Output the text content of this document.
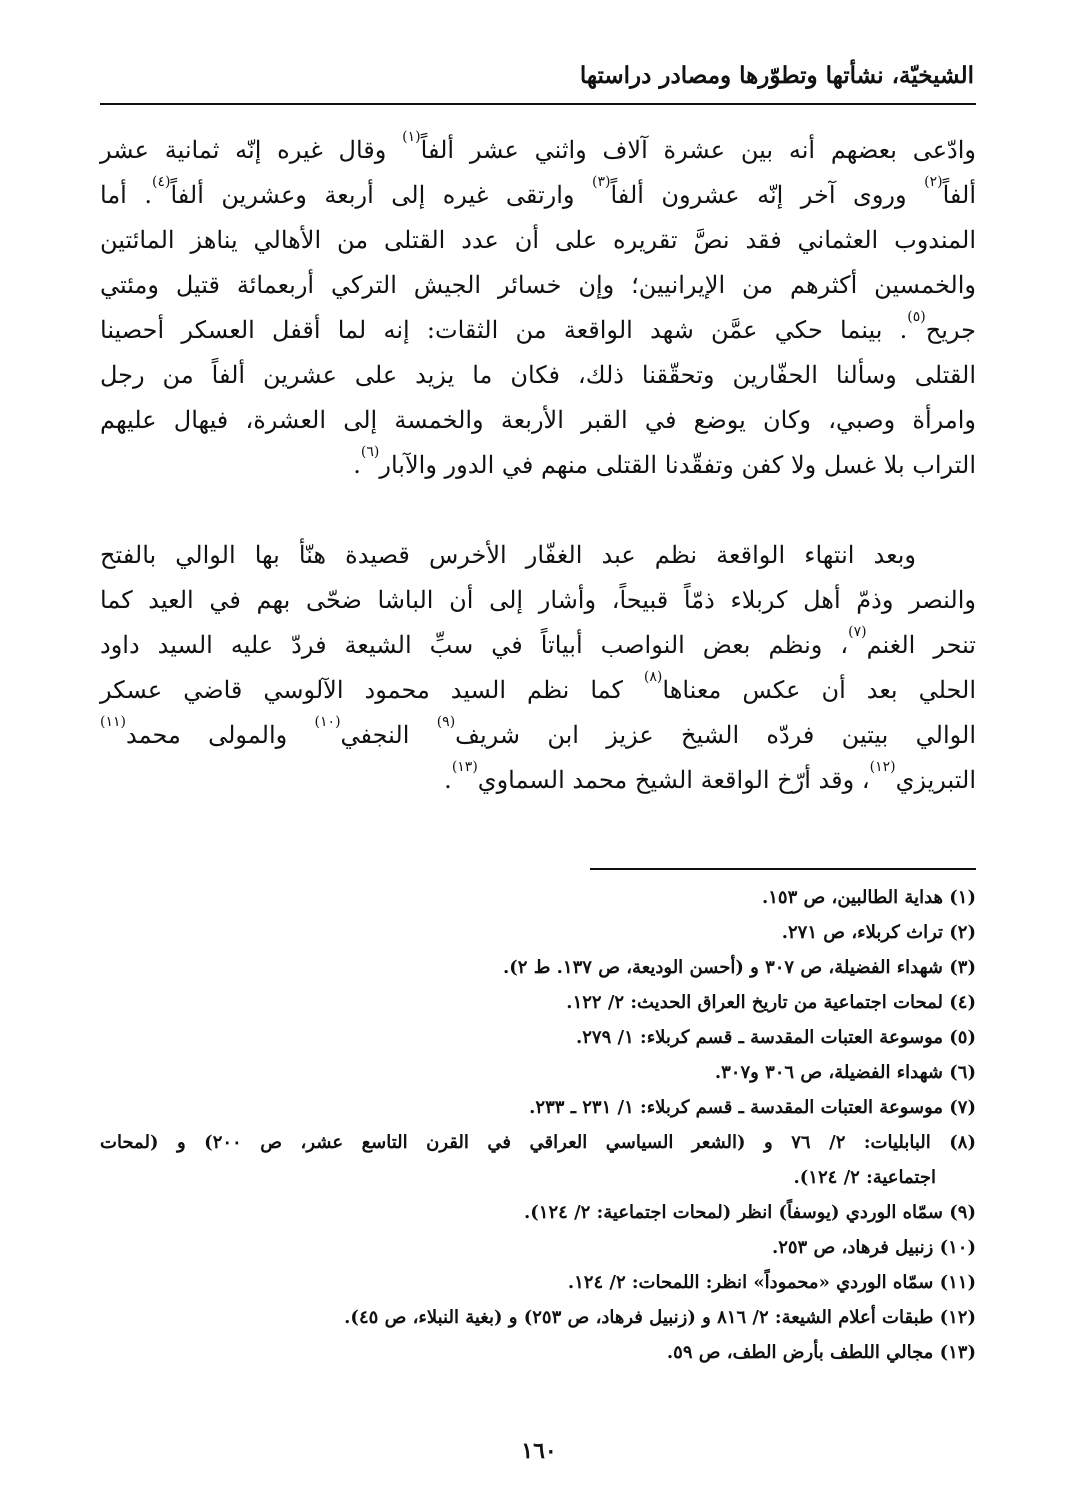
الشيخيّة، نشأتها وتطوّرها ومصادر دراستها
وادّعى بعضهم أنه بين عشرة آلاف واثني عشر ألفاً$^{(١)}$ وقال غيره إنّه ثمانية عشر
ألفاً$^{(٢)}$ وروى آخر إنّه عشرون ألفاً$^{(٣)}$ وارتقى غيره إلى أربعة وعشرين ألفاً$^{(٤)}$. أما
المندوب العثماني فقد نصَّ تقريره على أن عدد القتلى من الأهالي يناهز المائتين
والخمسين أكثرهم من الإيرانيين؛ وإن خسائر الجيش التركي أربعمائة قتيل ومئتي
جريح$^{(٥)}$. بينما حكي عمَّن شهد الواقعة من الثقات: إنه لما أقفل العسكر أحصينا
القتلى وسألنا الحفّارين وتحقّقنا ذلك، فكان ما يزيد على عشرين ألفاً من رجل
وامرأة وصبي، وكان يوضع في القبر الأربعة والخمسة إلى العشرة، فيهال عليهم
التراب بلا غسل ولا كفن وتفقّدنا القتلى منهم في الدور والآبار$^{(٦)}$.
وبعد انتهاء الواقعة نظم عبد الغفّار الأخرس قصيدة هنّأ بها الوالي بالفتح
والنصر وذمّ أهل كربلاء ذمّاً قبيحاً، وأشار إلى أن الباشا ضحّى بهم في العيد كما
تنحر الغنم$^{(٧)}$، ونظم بعض النواصب أبياتاً في سبِّ الشيعة فردّ عليه السيد داود
الحلي بعد أن عكس معناها$^{(٨)}$ كما نظم السيد محمود الآلوسي قاضي عسكر
الوالي بيتين فردّه الشيخ عزيز ابن شريف$^{(٩)}$ النجفي$^{(١٠)}$ والمولى محمد$^{(١١)}$
التبريزي$^{(١٢)}$، وقد أرّخ الواقعة الشيخ محمد السماوي$^{(١٣)}$.
(١) هداية الطالبين، ص ١٥٣.
(٢) تراث كربلاء، ص ٢٧١.
(٣) شهداء الفضيلة، ص ٣٠٧ و (أحسن الوديعة، ص ١٣٧. ط ٢).
(٤) لمحات اجتماعية من تاريخ العراق الحديث: ٢/ ١٢٢.
(٥) موسوعة العتبات المقدسة ـ قسم كربلاء: ١/ ٢٧٩.
(٦) شهداء الفضيلة، ص ٣٠٦ و٣٠٧.
(٧) موسوعة العتبات المقدسة ـ قسم كربلاء: ١/ ٢٣١ ـ ٢٣٣.
(٨) البابليات: ٢/ ٧٦ و (الشعر السياسي العراقي في القرن التاسع عشر، ص ٢٠٠) و (لمحات
اجتماعية: ٢/ ١٢٤).
(٩) سمّاه الوردي (يوسفاً) انظر (لمحات اجتماعية: ٢/ ١٢٤).
(١٠) زنبيل فرهاد، ص ٢٥٣.
(١١) سمّاه الوردي «محموداً» انظر: اللمحات: ٢/ ١٢٤.
(١٢) طبقات أعلام الشيعة: ٢/ ٨١٦ و (زنبيل فرهاد، ص ٢٥٣) و (بغية النبلاء، ص ٤٥).
(١٣) مجالي اللطف بأرض الطف، ص ٥٩.
١٦٠
